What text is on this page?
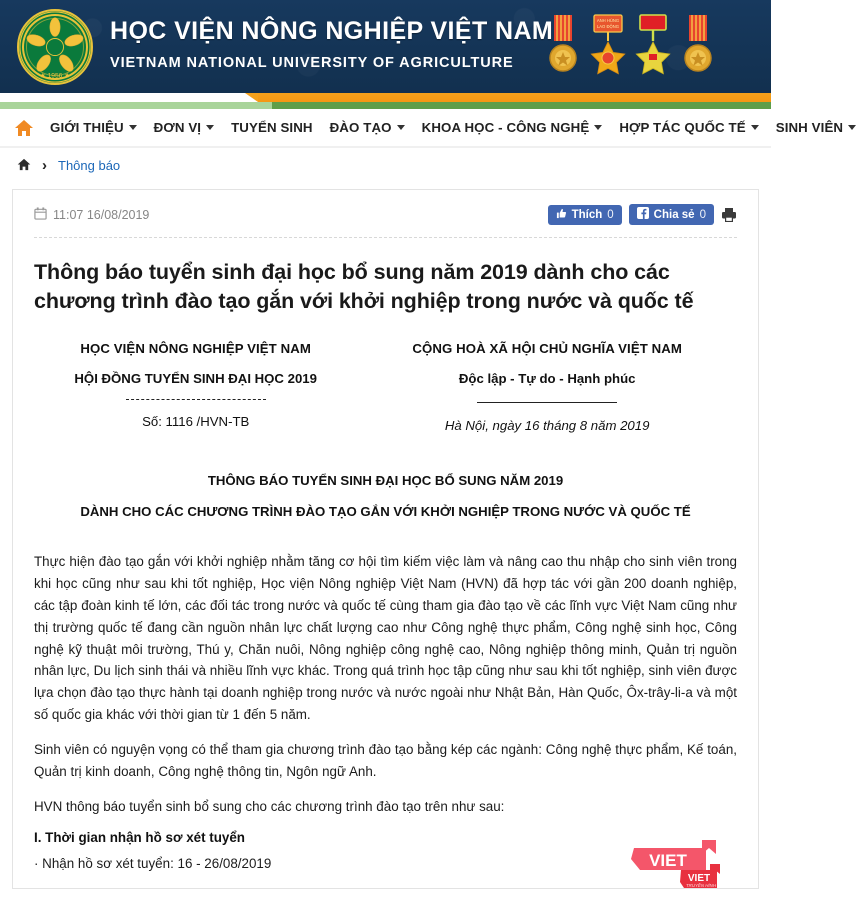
★ 1956 ★
HỌC VIỆN NÔNG NGHIỆP VIỆT NAM
VIETNAM NATIONAL UNIVERSITY OF AGRICULTURE
ANH HÙNG
LAO ĐỘNG
GIỚI THIỆU ĐƠN VỊ TUYỂN SINH ĐÀO TẠO KHOA HỌC - CÔNG NGHỆ HỢP TÁC QUỐC TẾ SINH VIÊN
› Thông báo
11:07 16/08/2019	Thích 0	Chia sẻ 0
Thông báo tuyển sinh đại học bổ sung năm 2019 dành cho các chương trình đào tạo gắn với khởi nghiệp trong nước và quốc tế
HỌC VIỆN NÔNG NGHIỆP VIỆT NAM
HỘI ĐỒNG TUYỂN SINH ĐẠI HỌC 2019
Số: 1116 /HVN-TB
CỘNG HOÀ XÃ HỘI CHỦ NGHĨA VIỆT NAM
Độc lập - Tự do - Hạnh phúc
Hà Nội, ngày 16 tháng 8 năm 2019
THÔNG BÁO TUYỂN SINH ĐẠI HỌC BỔ SUNG NĂM 2019
DÀNH CHO CÁC CHƯƠNG TRÌNH ĐÀO TẠO GẮN VỚI KHỞI NGHIỆP TRONG NƯỚC VÀ QUỐC TẾ

Thực hiện đào tạo gắn với khởi nghiệp nhằm tăng cơ hội tìm kiếm việc làm và nâng cao thu nhập cho sinh viên trong khi học cũng như sau khi tốt nghiệp, Học viện Nông nghiệp Việt Nam (HVN) đã hợp tác với gần 200 doanh nghiệp, các tập đoàn kinh tế lớn, các đối tác trong nước và quốc tế cùng tham gia đào tạo về các lĩnh vực Việt Nam cũng như thị trường quốc tế đang cần nguồn nhân lực chất lượng cao như Công nghệ thực phẩm, Công nghệ sinh học, Công nghệ kỹ thuật môi trường, Thú y, Chăn nuôi, Nông nghiệp công nghệ cao, Nông nghiệp thông minh, Quản trị nguồn nhân lực, Du lịch sinh thái và nhiều lĩnh vực khác. Trong quá trình học tập cũng như sau khi tốt nghiệp, sinh viên được lựa chọn đào tạo thực hành tại doanh nghiệp trong nước và nước ngoài như Nhật Bản, Hàn Quốc, Ôx-trây-li-a và một số quốc gia khác với thời gian từ 1 đến 5 năm.

Sinh viên có nguyện vọng có thể tham gia chương trình đào tạo bằng kép các ngành: Công nghệ thực phẩm, Kế toán, Quản trị kinh doanh, Công nghệ thông tin, Ngôn ngữ Anh.

HVN thông báo tuyển sinh bổ sung cho các chương trình đào tạo trên như sau:

I. Thời gian nhận hồ sơ xét tuyển
· Nhận hồ sơ xét tuyển: 16 - 26/08/2019	VIET
VIET
TRUYỀN HÌNH
